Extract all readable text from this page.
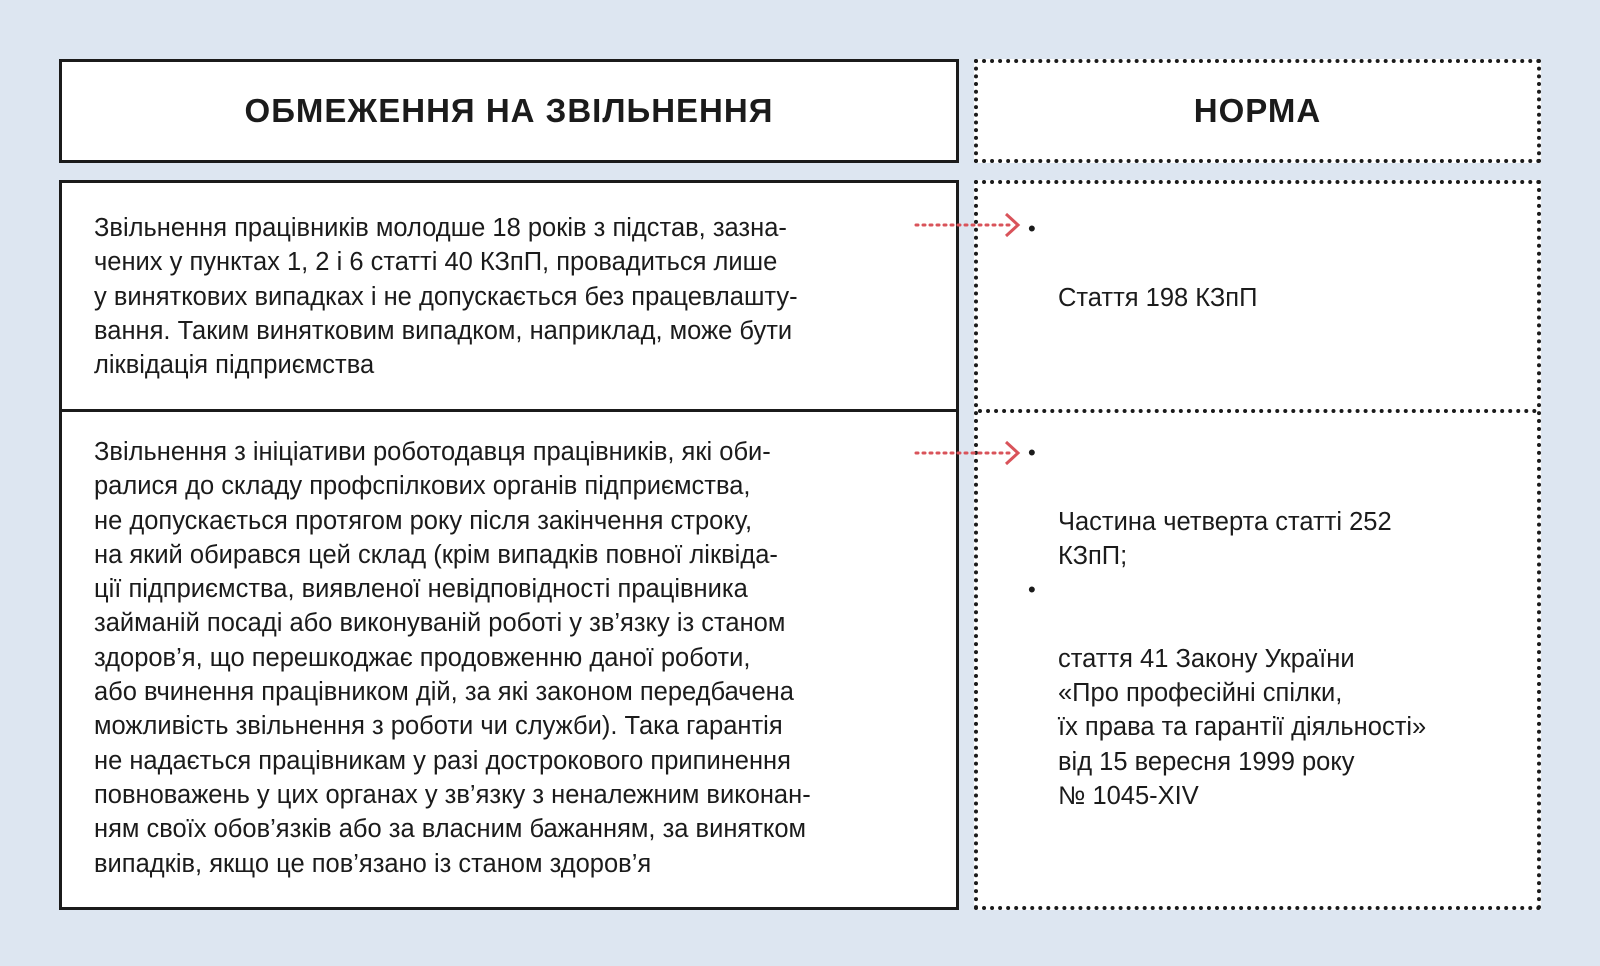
ОБМЕЖЕННЯ НА ЗВІЛЬНЕННЯ	НОРМА

Звільнення працівників молодше 18 років з підстав, зазна-
чених у пунктах 1, 2 і 6 статті 40 КЗпП, провадиться лише
у виняткових випадках і не допускається без працевлашту-
вання. Таким винятковим випадком, наприклад, може бути
ліквідація підприємства

Звільнення з ініціативи роботодавця працівників, які оби-
ралися до складу профспілкових органів підприємства,
не допускається протягом року після закінчення строку,
на який обирався цей склад (крім випадків повної ліквіда-
ції підприємства, виявленої невідповідності працівника
займаній посаді або виконуваній роботі у зв’язку із станом
здоров’я, що перешкоджає продовженню даної роботи,
або вчинення працівником дій, за які законом передбачена
можливість звільнення з роботи чи служби). Така гарантія
не надається працівникам у разі дострокового припинення
повноважень у цих органах у зв’язку з неналежним виконан-
ням своїх обов’язків або за власним бажанням, за винятком
випадків, якщо це пов’язано із станом здоров’я

•

Стаття 198 КЗпП

•

Частина четверта статті 252
КЗпП;

•

стаття 41 Закону України
«Про професійні спілки,
їх права та гарантії діяльності»
від 15 вересня 1999 року
№ 1045-XIV
